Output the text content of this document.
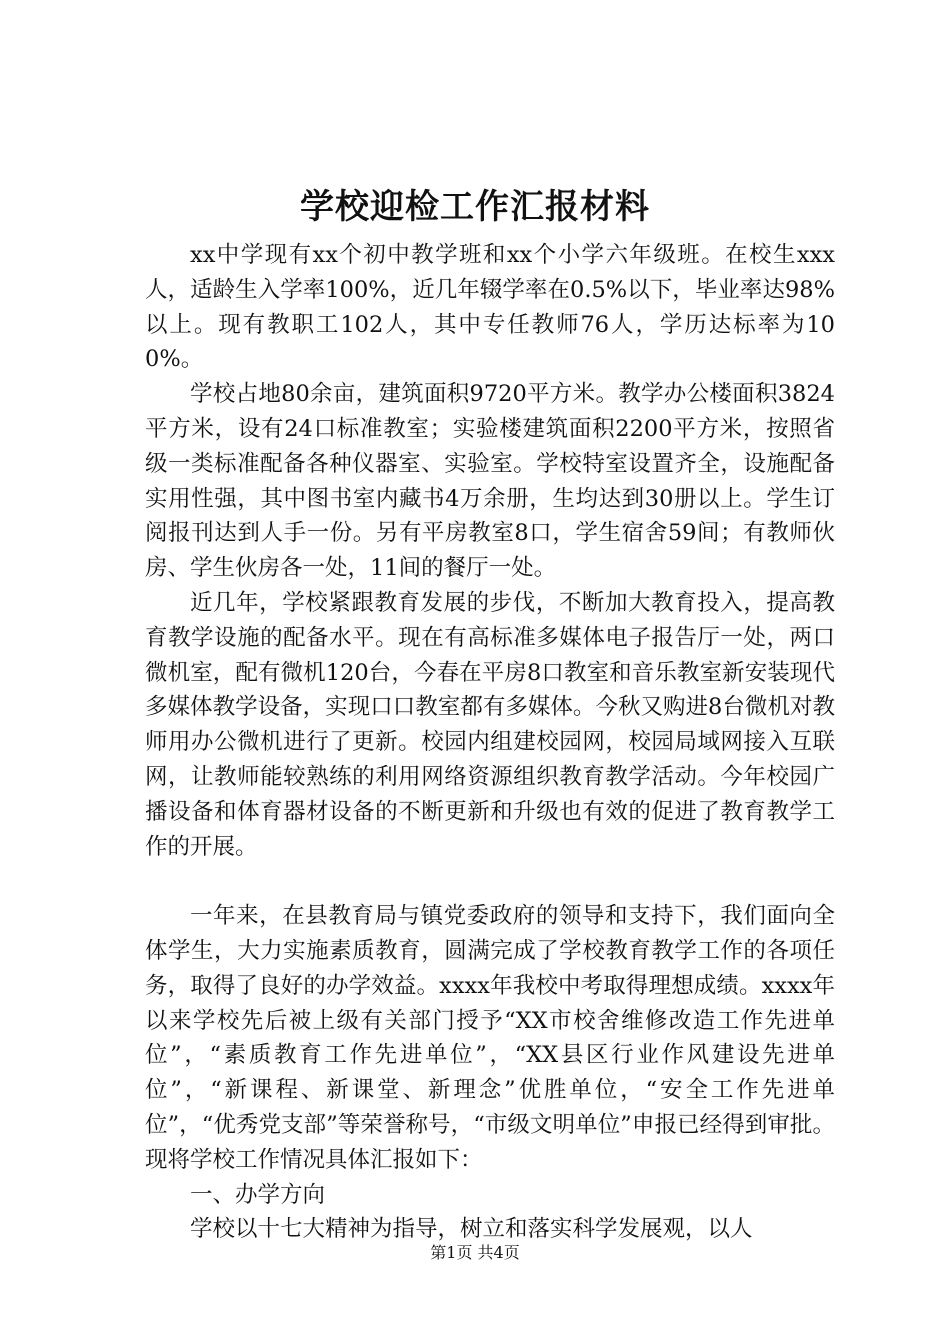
学校迎检工作汇报材料

xx中学现有xx个初中教学班和xx个小学六年级班。在校生xxx人，适龄生入学率100%，近几年辍学率在0.5%以下，毕业率达98%以上。现有教职工102人，其中专任教师76人，学历达标率为100%。

学校占地80余亩，建筑面积9720平方米。教学办公楼面积3824平方米，设有24口标准教室；实验楼建筑面积2200平方米，按照省级一类标准配备各种仪器室、实验室。学校特室设置齐全，设施配备实用性强，其中图书室内藏书4万余册，生均达到30册以上。学生订阅报刊达到人手一份。另有平房教室8口，学生宿舍59间；有教师伙房、学生伙房各一处，11间的餐厅一处。

近几年，学校紧跟教育发展的步伐，不断加大教育投入，提高教育教学设施的配备水平。现在有高标准多媒体电子报告厅一处，两口微机室，配有微机120台，今春在平房8口教室和音乐教室新安装现代多媒体教学设备，实现口口教室都有多媒体。今秋又购进8台微机对教师用办公微机进行了更新。校园内组建校园网，校园局域网接入互联网，让教师能较熟练的利用网络资源组织教育教学活动。今年校园广播设备和体育器材设备的不断更新和升级也有效的促进了教育教学工作的开展。

一年来，在县教育局与镇党委政府的领导和支持下，我们面向全体学生，大力实施素质教育，圆满完成了学校教育教学工作的各项任务，取得了良好的办学效益。xxxx年我校中考取得理想成绩。xxxx年以来学校先后被上级有关部门授予“XX市校舍维修改造工作先进单位”，“素质教育工作先进单位”，“XX县区行业作风建设先进单位”，“新课程、新课堂、新理念”优胜单位，“安全工作先进单位”，“优秀党支部”等荣誉称号，“市级文明单位”申报已经得到审批。现将学校工作情况具体汇报如下：

一、办学方向

学校以十七大精神为指导，树立和落实科学发展观，以人

第1页 共4页
